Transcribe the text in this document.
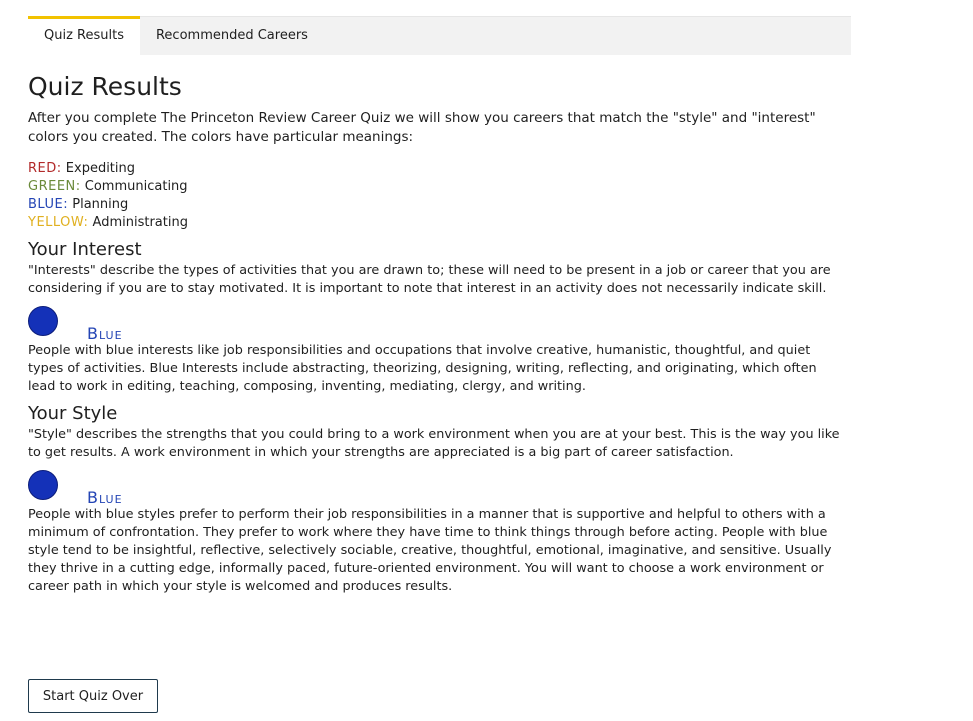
Quiz Results	Recommended Careers
Quiz Results

After you complete The Princeton Review Career Quiz we will show you careers that match the "style" and "interest" colors you created. The colors have particular meanings:

RED: Expediting
GREEN: Communicating
BLUE: Planning
YELLOW: Administrating
Your Interest

"Interests" describe the types of activities that you are drawn to; these will need to be present in a job or career that you are considering if you are to stay motivated. It is important to note that interest in an activity does not necessarily indicate skill.

Blue

People with blue interests like job responsibilities and occupations that involve creative, humanistic, thoughtful, and quiet types of activities. Blue Interests include abstracting, theorizing, designing, writing, reflecting, and originating, which often lead to work in editing, teaching, composing, inventing, mediating, clergy, and writing.

Your Style

"Style" describes the strengths that you could bring to a work environment when you are at your best. This is the way you like to get results. A work environment in which your strengths are appreciated is a big part of career satisfaction.

Blue

People with blue styles prefer to perform their job responsibilities in a manner that is supportive and helpful to others with a minimum of confrontation. They prefer to work where they have time to think things through before acting. People with blue style tend to be insightful, reflective, selectively sociable, creative, thoughtful, emotional, imaginative, and sensitive. Usually they thrive in a cutting edge, informally paced, future-oriented environment. You will want to choose a work environment or career path in which your style is welcomed and produces results.

Start Quiz Over
